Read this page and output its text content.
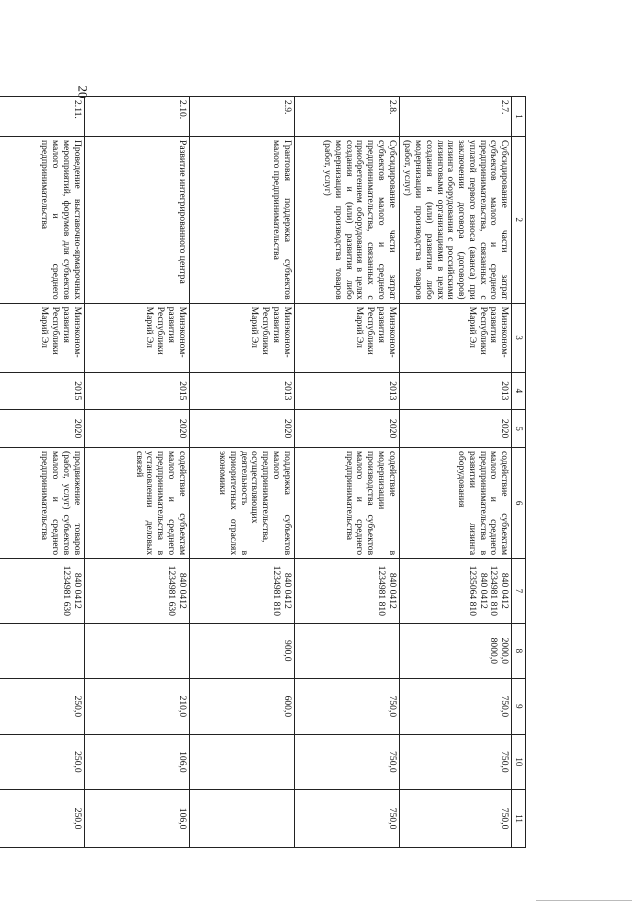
20
1	2	3	4	5	6	7	8	9	10	11
2.7.	Субсидирование части затрат субъектов малого и среднего предпринимательства, связанных с уплатой первого взноса (аванса) при заключении договора (договоров) лизинга оборудования с российскими лизинговыми организациями в целях создания и (или) развития либо модернизации производства товаров (работ, услуг)	Минэконом-развития Республики Марий Эл	2013	2020	содействие субъектам малого и среднего предпринимательства в развитии лизинга оборудования	840 0412 1234981 810 840 0412 1235064 810	2000,0 8000,0	750,0	750,0	750,0
2.8.	Субсидирование части затрат субъектов малого и среднего предпринимательства, связанных с приобретением оборудования в целях создания и (или) развития либо модернизации производства товаров (работ, услуг)	Минэконом-развития Республики Марий Эл	2013	2020	содействие в модернизации производства субъектов малого и среднего предпринимательства	840 0412 1234981 810		750,0	750,0	750,0
2.9.	Грантовая поддержка субъектов малого предпринимательства	Минэконом-развития Республики Марий Эл	2013	2020	поддержка субъектов малого предпринимательства, осуществляющих деятельность в приоритетных отраслях экономики	840 0412 1234981 810	900,0	600,0		
2.10.	Развитие интегрированного центра	Минэконом-развития Республики Марий Эл	2015	2020	содействие субъектам малого и среднего предпринимательства в установлении деловых связей	840 0412 1234981 630		210,0	106,0	106,0
2.11.	Проведение выставочно-ярмарочных мероприятий, форумов для субъектов малого и среднего предпринимательства	Минэконом-развития Республики Марий Эл	2015	2020	продвижение товаров (работ, услуг) субъектов малого и среднего предпринимательства	840 0412 1234981 630		250,0	250,0	250,0
